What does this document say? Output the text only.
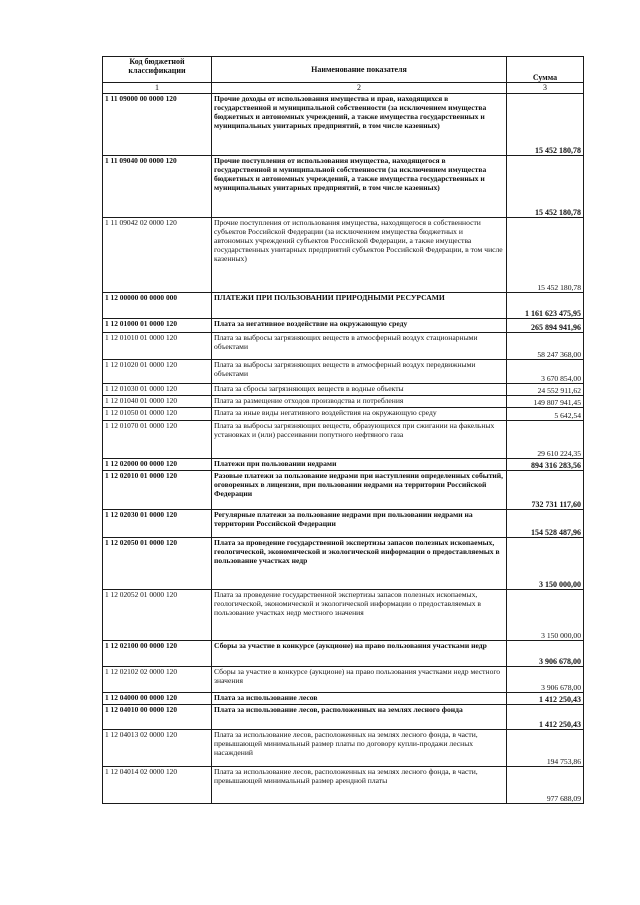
Код бюджетной классификации	Наименование показателя	Сумма
1	2	3
1 11 09000 00 0000 120	Прочие доходы от использования имущества и прав, находящихся в государственной и муниципальной собственности (за исключением имущества бюджетных и автономных учреждений, а также имущества государственных и муниципальных унитарных предприятий, в том числе казенных)	15 452 180,78
1 11 09040 00 0000 120	Прочие поступления от использования имущества, находящегося в государственной и муниципальной собственности (за исключением имущества бюджетных и автономных учреждений, а также имущества государственных и муниципальных унитарных предприятий, в том числе казенных)	15 452 180,78
1 11 09042 02 0000 120	Прочие поступления от использования имущества, находящегося в собственности субъектов Российской Федерации (за исключением имущества бюджетных и автономных учреждений субъектов Российской Федерации, а также имущества государственных унитарных предприятий субъектов Российской Федерации, в том числе казенных)	15 452 180,78
1 12 00000 00 0000 000	ПЛАТЕЖИ ПРИ ПОЛЬЗОВАНИИ ПРИРОДНЫМИ РЕСУРСАМИ	1 161 623 475,95
1 12 01000 01 0000 120	Плата за негативное воздействие на окружающую среду	265 894 941,96
1 12 01010 01 0000 120	Плата за выбросы загрязняющих веществ в атмосферный воздух стационарными объектами	58 247 368,00
1 12 01020 01 0000 120	Плата за выбросы загрязняющих веществ в атмосферный воздух передвижными объектами	3 670 854,00
1 12 01030 01 0000 120	Плата за сбросы загрязняющих веществ в водные объекты	24 552 911,62
1 12 01040 01 0000 120	Плата за размещение отходов производства и потребления	149 807 941,45
1 12 01050 01 0000 120	Плата за иные виды негативного воздействия на окружающую среду	5 642,54
1 12 01070 01 0000 120	Плата за выбросы загрязняющих веществ, образующихся при сжигании на факельных установках и (или) рассеивании попутного нефтяного газа	29 610 224,35
1 12 02000 00 0000 120	Платежи при пользовании недрами	894 316 283,56
1 12 02010 01 0000 120	Разовые платежи за пользование недрами при наступлении определенных событий, оговоренных в лицензии, при пользовании недрами на территории Российской Федерации	732 731 117,60
1 12 02030 01 0000 120	Регулярные платежи за пользование недрами при пользовании недрами на территории Российской Федерации	154 528 487,96
1 12 02050 01 0000 120	Плата за проведение государственной экспертизы запасов полезных ископаемых, геологической, экономической и экологической информации о предоставляемых в пользование участках недр	3 150 000,00
1 12 02052 01 0000 120	Плата за проведение государственной экспертизы запасов полезных ископаемых, геологической, экономической и экологической информации о предоставляемых в пользование участках недр местного значения	3 150 000,00
1 12 02100 00 0000 120	Сборы за участие в конкурсе (аукционе) на право пользования участками недр	3 906 678,00
1 12 02102 02 0000 120	Сборы за участие в конкурсе (аукционе) на право пользования участками недр местного значения	3 906 678,00
1 12 04000 00 0000 120	Плата за использование лесов	1 412 250,43
1 12 04010 00 0000 120	Плата за использование лесов, расположенных на землях лесного фонда	1 412 250,43
1 12 04013 02 0000 120	Плата за использование лесов, расположенных на землях лесного фонда, в части, превышающей минимальный размер платы по договору купли-продажи лесных насаждений	194 753,86
1 12 04014 02 0000 120	Плата за использование лесов, расположенных на землях лесного фонда, в части, превышающей минимальный размер арендной платы	977 688,09
